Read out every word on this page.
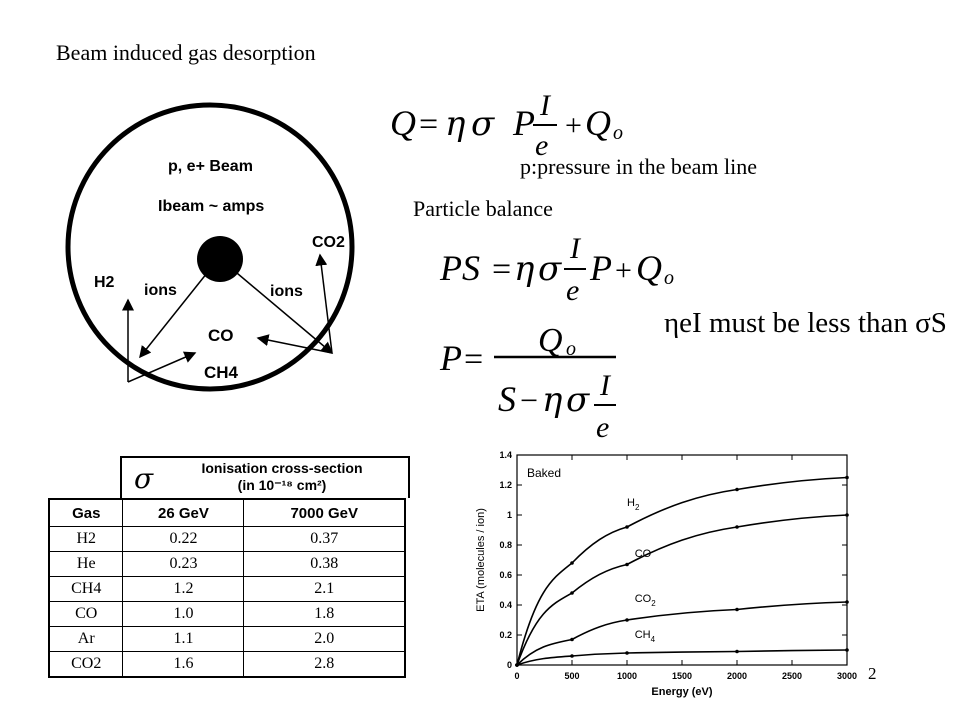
Beam induced gas desorption
p:pressure in the beam line
Particle balance
ηeI must be less than σS
2
p, e+ Beam
Ibeam ~ amps
ions	ions
H2
CO2
CO
CH4
Q = η σ P I
e
+ Q o
PS = η σ
I
e
P + Q o
P =
Q o
S − η σ I
e
σ	Ionisation cross-section
(in 10⁻¹⁸ cm²)
Gas	26 GeV	7000 GeV
H2	0.22	0.37
He	0.23	0.38
CH4	1.2	2.1
CO	1.0	1.8
Ar	1.1	2.0
CO2	1.6	2.8
0	500	1000	1500	2000	2500	3000
0
0.2
0.4
0.6
0.8
1
1.2
1.4
Energy (eV)
ETA (molecules / ion)
Baked
$H_2$
CO
$CO_2$
$CH_4$
